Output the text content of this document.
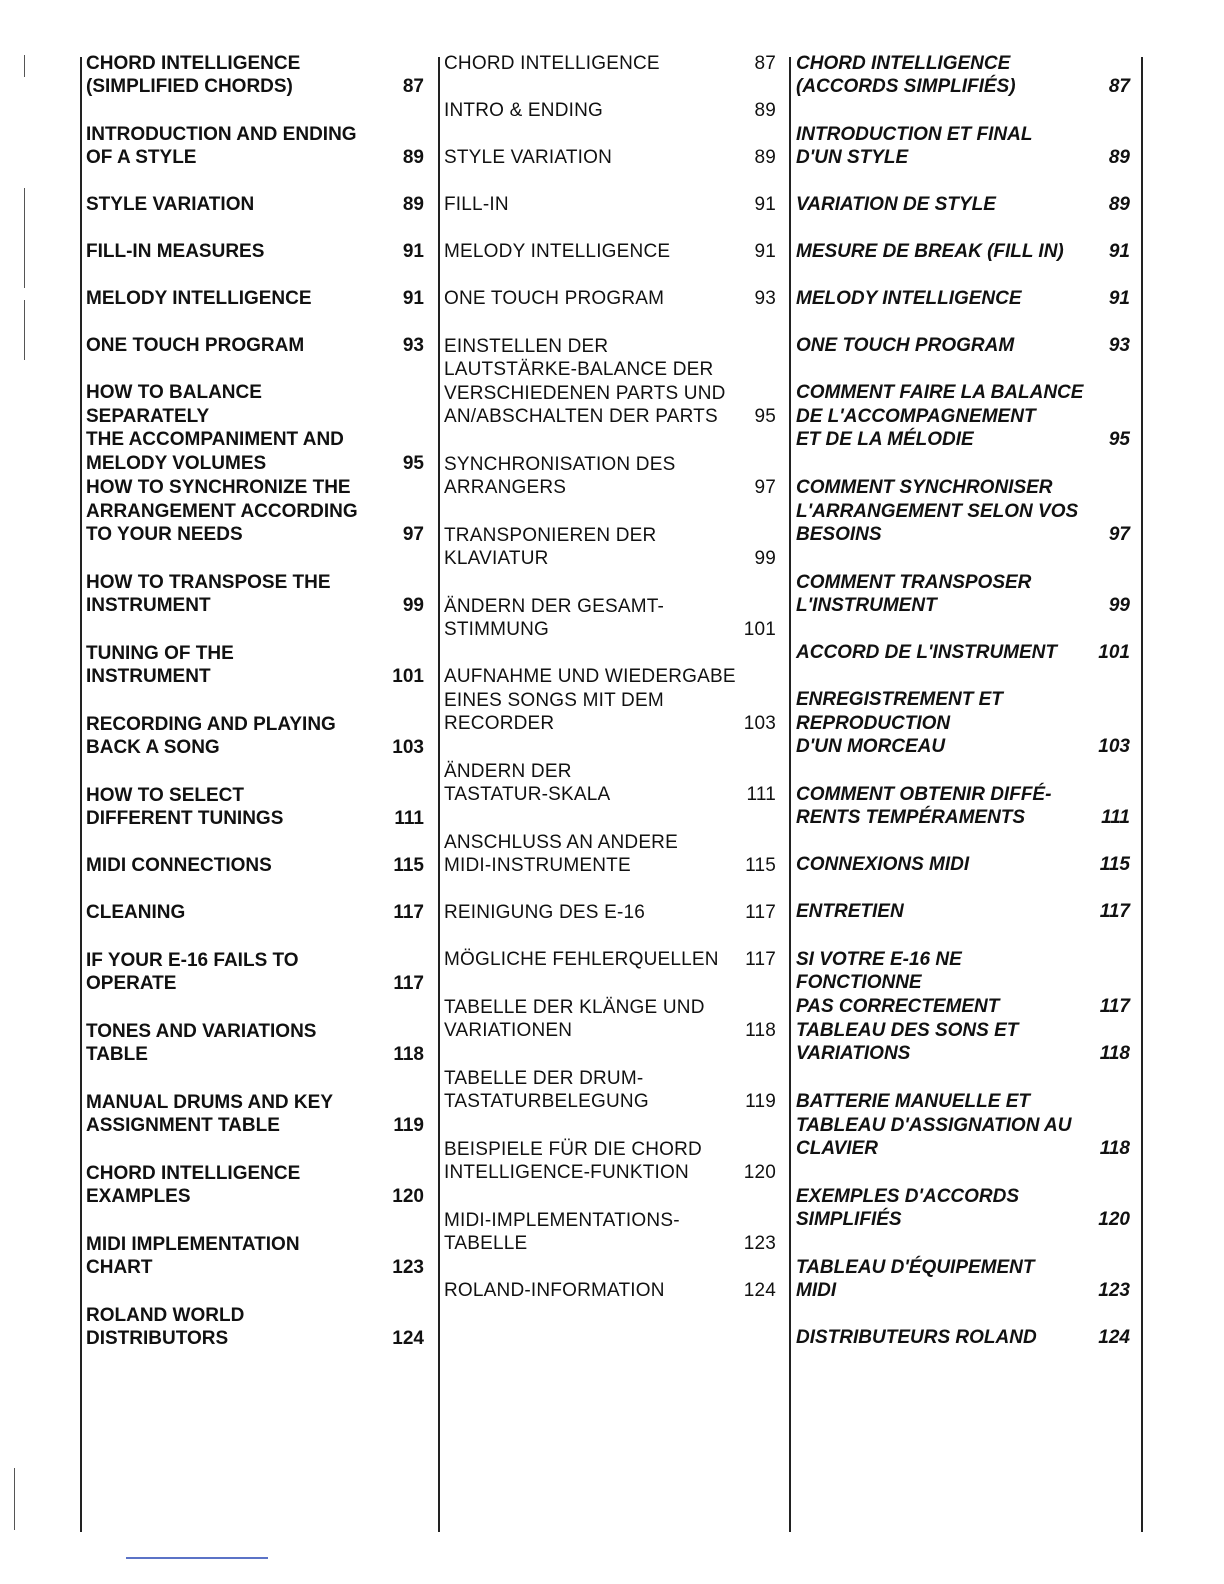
CHORD INTELLIGENCE
(SIMPLIFIED CHORDS)	87
INTRODUCTION AND ENDING
OF A STYLE	89
STYLE VARIATION	89
FILL-IN MEASURES	91
MELODY INTELLIGENCE	91
ONE TOUCH PROGRAM	93
HOW TO BALANCE SEPARATELY
THE ACCOMPANIMENT AND
MELODY VOLUMES	95
HOW TO SYNCHRONIZE THE
ARRANGEMENT ACCORDING
TO YOUR NEEDS	97
HOW TO TRANSPOSE THE
INSTRUMENT	99
TUNING OF THE
INSTRUMENT	101
RECORDING AND PLAYING
BACK A SONG	103
HOW TO SELECT
DIFFERENT TUNINGS	111
MIDI CONNECTIONS	115
CLEANING	117
IF YOUR E-16 FAILS TO
OPERATE	117
TONES AND VARIATIONS
TABLE	118
MANUAL DRUMS AND KEY
ASSIGNMENT TABLE	119
CHORD INTELLIGENCE
EXAMPLES	120
MIDI IMPLEMENTATION
CHART	123
ROLAND WORLD
DISTRIBUTORS	124
CHORD INTELLIGENCE	87
INTRO & ENDING	89
STYLE VARIATION	89
FILL-IN	91
MELODY INTELLIGENCE	91
ONE TOUCH PROGRAM	93
EINSTELLEN DER
LAUTSTÄRKE-BALANCE DER
VERSCHIEDENEN PARTS UND
AN/ABSCHALTEN DER PARTS	95
SYNCHRONISATION DES
ARRANGERS	97
TRANSPONIEREN DER
KLAVIATUR	99
ÄNDERN DER GESAMT-
STIMMUNG	101
AUFNAHME UND WIEDERGABE
EINES SONGS MIT DEM
RECORDER	103
ÄNDERN DER
TASTATUR-SKALA	111
ANSCHLUSS AN ANDERE
MIDI-INSTRUMENTE	115
REINIGUNG DES E-16	117
MÖGLICHE FEHLERQUELLEN	117
TABELLE DER KLÄNGE UND
VARIATIONEN	118
TABELLE DER DRUM-
TASTATURBELEGUNG	119
BEISPIELE FÜR DIE CHORD
INTELLIGENCE-FUNKTION	120
MIDI-IMPLEMENTATIONS-
TABELLE	123
ROLAND-INFORMATION	124
CHORD INTELLIGENCE
(ACCORDS SIMPLIFIÉS)	87
INTRODUCTION ET FINAL
D'UN STYLE	89
VARIATION DE STYLE	89
MESURE DE BREAK (FILL IN)	91
MELODY INTELLIGENCE	91
ONE TOUCH PROGRAM	93
COMMENT FAIRE LA BALANCE
DE L'ACCOMPAGNEMENT
ET DE LA MÉLODIE	95
COMMENT SYNCHRONISER
L'ARRANGEMENT SELON VOS
BESOINS	97
COMMENT TRANSPOSER
L'INSTRUMENT	99
ACCORD DE L'INSTRUMENT	101
ENREGISTREMENT ET
REPRODUCTION
D'UN MORCEAU	103
COMMENT OBTENIR DIFFÉ-
RENTS TEMPÉRAMENTS	111
CONNEXIONS MIDI	115
ENTRETIEN	117
SI VOTRE E-16 NE FONCTIONNE
PAS CORRECTEMENT	117
TABLEAU DES SONS ET
VARIATIONS	118
BATTERIE MANUELLE ET
TABLEAU D'ASSIGNATION AU
CLAVIER	118
EXEMPLES D'ACCORDS
SIMPLIFIÉS	120
TABLEAU D'ÉQUIPEMENT
MIDI	123
DISTRIBUTEURS ROLAND	124
